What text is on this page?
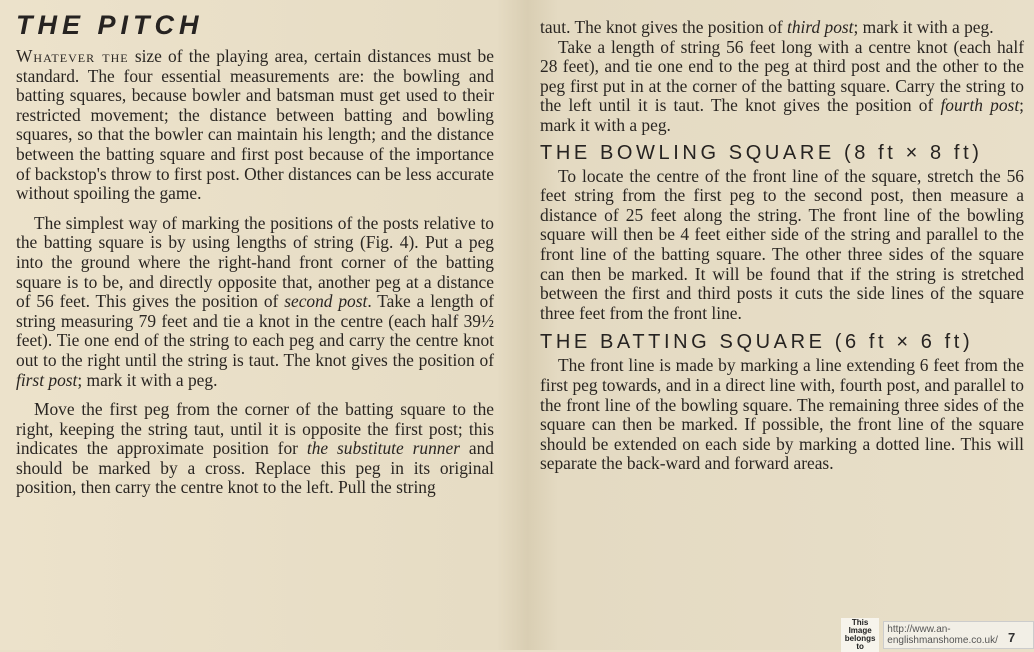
THE PITCH

Whatever the size of the playing area, certain distances must be standard. The four essential measurements are: the bowling and batting squares, because bowler and batsman must get used to their restricted movement; the distance between batting and bowling squares, so that the bowler can maintain his length; and the distance between the batting square and first post because of the importance of backstop's throw to first post. Other distances can be less accurate without spoiling the game.

The simplest way of marking the positions of the posts relative to the batting square is by using lengths of string (Fig. 4). Put a peg into the ground where the right-hand front corner of the batting square is to be, and directly opposite that, another peg at a distance of 56 feet. This gives the position of second post. Take a length of string measuring 79 feet and tie a knot in the centre (each half 39½ feet). Tie one end of the string to each peg and carry the centre knot out to the right until the string is taut. The knot gives the position of first post; mark it with a peg.

Move the first peg from the corner of the batting square to the right, keeping the string taut, until it is opposite the first post; this indicates the approximate position for the substitute runner and should be marked by a cross. Replace this peg in its original position, then carry the centre knot to the left. Pull the string

taut. The knot gives the position of third post; mark it with a peg.

Take a length of string 56 feet long with a centre knot (each half 28 feet), and tie one end to the peg at third post and the other to the peg first put in at the corner of the batting square. Carry the string to the left until it is taut. The knot gives the position of fourth post; mark it with a peg.

THE BOWLING SQUARE (8 ft × 8 ft)

To locate the centre of the front line of the square, stretch the 56 feet string from the first peg to the second post, then measure a distance of 25 feet along the string. The front line of the bowling square will then be 4 feet either side of the string and parallel to the front line of the batting square. The other three sides of the square can then be marked. It will be found that if the string is stretched between the first and third posts it cuts the side lines of the square three feet from the front line.

THE BATTING SQUARE (6 ft × 6 ft)

The front line is made by marking a line extending 6 feet from the first peg towards, and in a direct line with, fourth post, and parallel to the front line of the bowling square. The remaining three sides of the square can then be marked. If possible, the front line of the square should be extended on each side by marking a dotted line. This will separate the back-ward and forward areas.

This Image
belongs to
http://www.an-englishmanshome.co.uk/ 7
